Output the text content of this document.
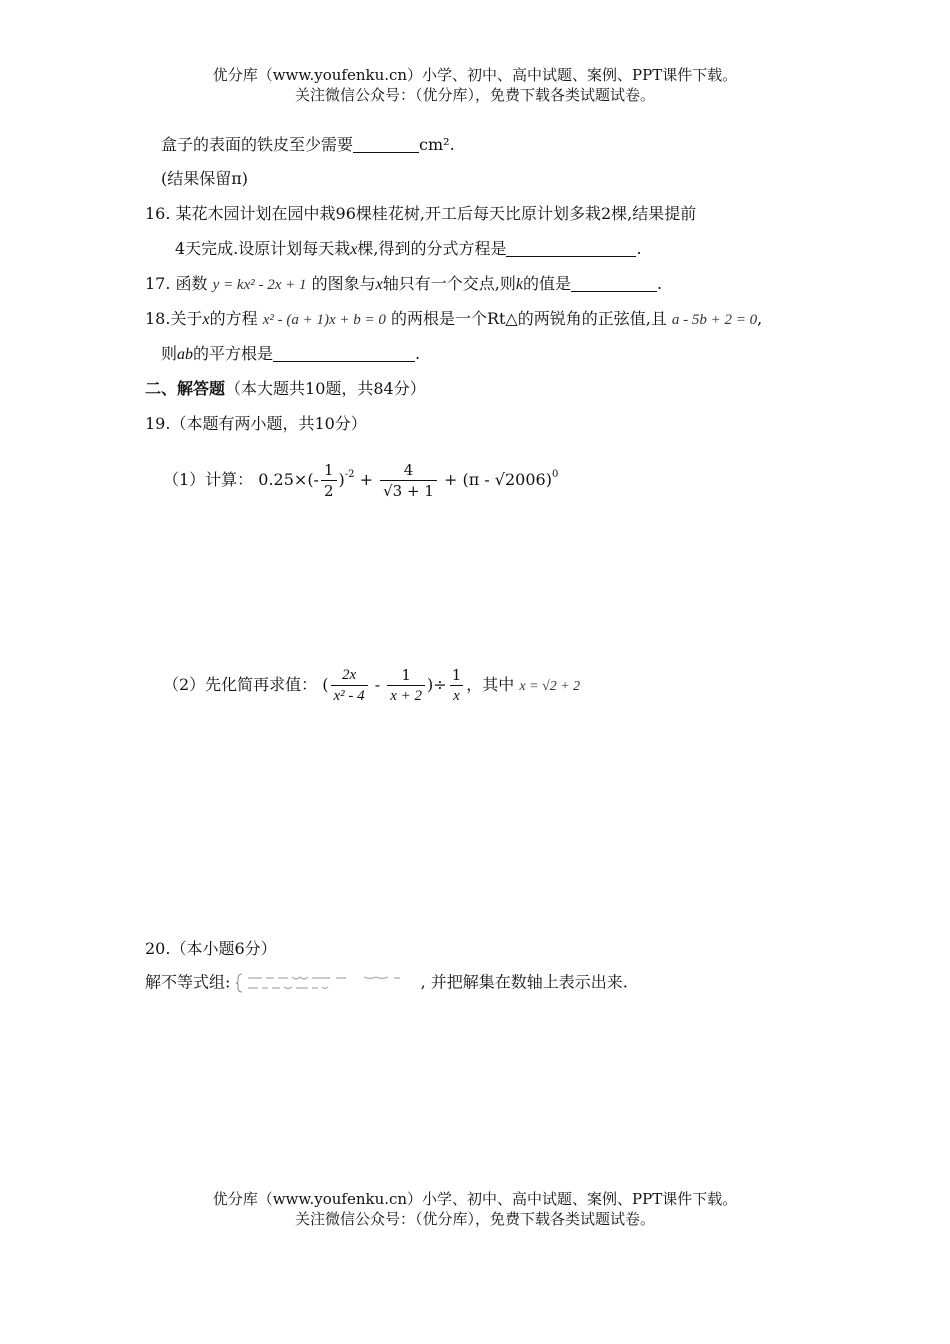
优分库（www.youfenku.cn）小学、初中、高中试题、案例、PPT课件下载。
关注微信公众号：（优分库），免费下载各类试题试卷。
盒子的表面的铁皮至少需要	cm².
(结果保留π)
16. 某花木园计划在园中栽96棵桂花树,开工后每天比原计划多栽2棵,结果提前
4天完成.设原计划每天栽x棵,得到的分式方程是	.
17. 函数 y = kx² - 2x + 1 的图象与x轴只有一个交点,则k的值是	.
18.关于x的方程 x² - (a + 1)x + b = 0 的两根是一个Rt△的两锐角的正弦值,且 a - 5b + 2 = 0,
则ab的平方根是	.
二、解答题（本大题共10题，共84分）
19.（本题有两小题，共10分）
（1）计算： $0.25\times(- \frac{1}{2} )^{-2} + \frac{4}{√3 + 1} + (\pi - √2006)^0$
（2）先化简再求值： ( $\frac{2x}{\text{x² - 4}} - \frac{1}{x + 2}$ )÷ $\frac{1}{x}$ ，其中 x = √2 + 2
20.（本小题6分）
解不等式组:	, 并把解集在数轴上表示出来.
优分库（www.youfenku.cn）小学、初中、高中试题、案例、PPT课件下载。
关注微信公众号：（优分库），免费下载各类试题试卷。
